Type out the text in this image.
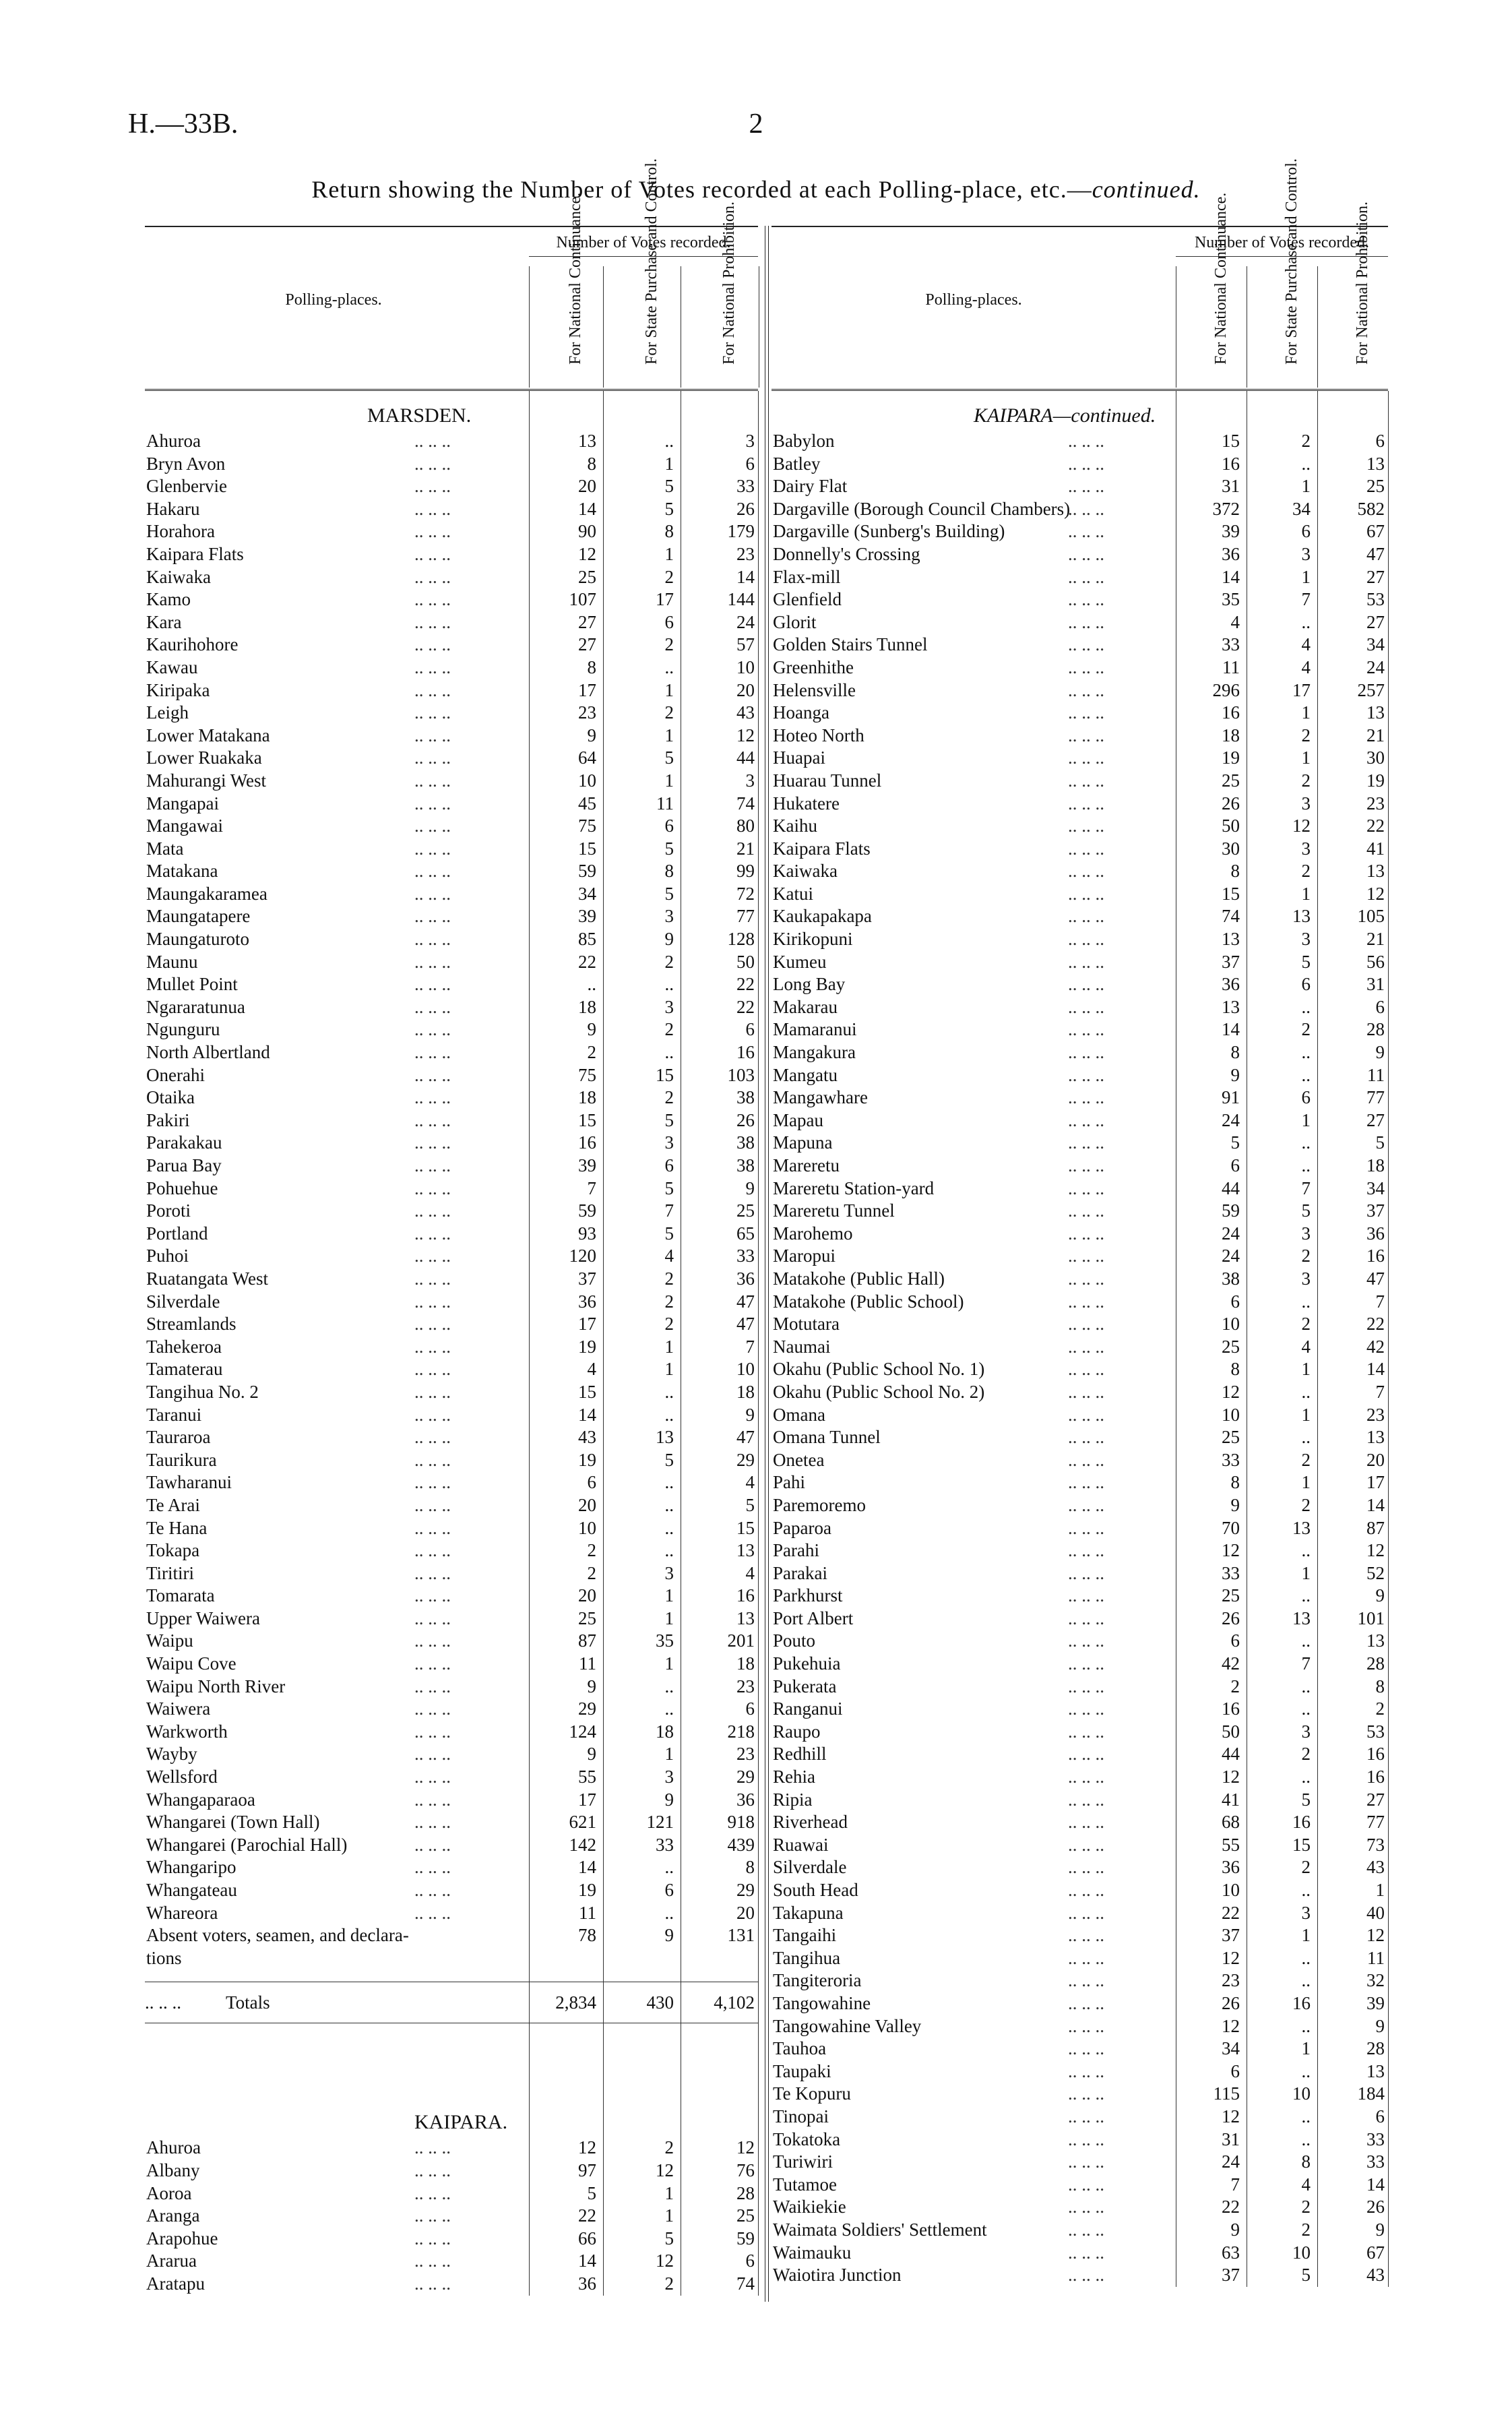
H.—33B.	2
Return showing the Number of Votes recorded at each Polling-place, etc.—continued.
Polling-places.
Number of Votes recorded.
For National Continuance.	For State Purchase and Control.	For National Prohibition.
MARSDEN.
Ahuroa	.. .. ..	13	..	3
Bryn Avon	.. .. ..	8	1	6
Glenbervie	.. .. ..	20	5	33
Hakaru	.. .. ..	14	5	26
Horahora	.. .. ..	90	8	179
Kaipara Flats	.. .. ..	12	1	23
Kaiwaka	.. .. ..	25	2	14
Kamo	.. .. ..	107	17	144
Kara	.. .. ..	27	6	24
Kaurihohore	.. .. ..	27	2	57
Kawau	.. .. ..	8	..	10
Kiripaka	.. .. ..	17	1	20
Leigh	.. .. ..	23	2	43
Lower Matakana	.. .. ..	9	1	12
Lower Ruakaka	.. .. ..	64	5	44
Mahurangi West	.. .. ..	10	1	3
Mangapai	.. .. ..	45	11	74
Mangawai	.. .. ..	75	6	80
Mata	.. .. ..	15	5	21
Matakana	.. .. ..	59	8	99
Maungakaramea	.. .. ..	34	5	72
Maungatapere	.. .. ..	39	3	77
Maungaturoto	.. .. ..	85	9	128
Maunu	.. .. ..	22	2	50
Mullet Point	.. .. ..	..	..	22
Ngararatunua	.. .. ..	18	3	22
Ngunguru	.. .. ..	9	2	6
North Albertland	.. .. ..	2	..	16
Onerahi	.. .. ..	75	15	103
Otaika	.. .. ..	18	2	38
Pakiri	.. .. ..	15	5	26
Parakakau	.. .. ..	16	3	38
Parua Bay	.. .. ..	39	6	38
Pohuehue	.. .. ..	7	5	9
Poroti	.. .. ..	59	7	25
Portland	.. .. ..	93	5	65
Puhoi	.. .. ..	120	4	33
Ruatangata West	.. .. ..	37	2	36
Silverdale	.. .. ..	36	2	47
Streamlands	.. .. ..	17	2	47
Tahekeroa	.. .. ..	19	1	7
Tamaterau	.. .. ..	4	1	10
Tangihua No. 2	.. .. ..	15	..	18
Taranui	.. .. ..	14	..	9
Tauraroa	.. .. ..	43	13	47
Taurikura	.. .. ..	19	5	29
Tawharanui	.. .. ..	6	..	4
Te Arai	.. .. ..	20	..	5
Te Hana	.. .. ..	10	..	15
Tokapa	.. .. ..	2	..	13
Tiritiri	.. .. ..	2	3	4
Tomarata	.. .. ..	20	1	16
Upper Waiwera	.. .. ..	25	1	13
Waipu	.. .. ..	87	35	201
Waipu Cove	.. .. ..	11	1	18
Waipu North River	.. .. ..	9	..	23
Waiwera	.. .. ..	29	..	6
Warkworth	.. .. ..	124	18	218
Wayby	.. .. ..	9	1	23
Wellsford	.. .. ..	55	3	29
Whangaparaoa	.. .. ..	17	9	36
Whangarei (Town Hall)	.. .. ..	621	121	918
Whangarei (Parochial Hall)	.. .. ..	142	33	439
Whangaripo	.. .. ..	14	..	8
Whangateau	.. .. ..	19	6	29
Whareora	.. .. ..	11	..	20
Absent voters, seamen, and declara-	78	9	131
tions
Totals
.. .. ..	2,834	430	4,102
KAIPARA.
Ahuroa	.. .. ..	12	2	12
Albany	.. .. ..	97	12	76
Aoroa	.. .. ..	5	1	28
Aranga	.. .. ..	22	1	25
Arapohue	.. .. ..	66	5	59
Ararua	.. .. ..	14	12	6
Aratapu	.. .. ..	36	2	74
Polling-places.
Number of Votes recorded.
For National Continuance.	For State Purchase and Control.	For National Prohibition.
KAIPARA—continued.
Babylon	.. .. ..	15	2	6
Batley	.. .. ..	16	..	13
Dairy Flat	.. .. ..	31	1	25
Dargaville (Borough Council Chambers)
.. .. ..	372	34	582
Dargaville (Sunberg's Building)	.. .. ..	39	6	67
Donnelly's Crossing	.. .. ..	36	3	47
Flax-mill	.. .. ..	14	1	27
Glenfield	.. .. ..	35	7	53
Glorit	.. .. ..	4	..	27
Golden Stairs Tunnel	.. .. ..	33	4	34
Greenhithe	.. .. ..	11	4	24
Helensville	.. .. ..	296	17	257
Hoanga	.. .. ..	16	1	13
Hoteo North	.. .. ..	18	2	21
Huapai	.. .. ..	19	1	30
Huarau Tunnel	.. .. ..	25	2	19
Hukatere	.. .. ..	26	3	23
Kaihu	.. .. ..	50	12	22
Kaipara Flats	.. .. ..	30	3	41
Kaiwaka	.. .. ..	8	2	13
Katui	.. .. ..	15	1	12
Kaukapakapa	.. .. ..	74	13	105
Kirikopuni	.. .. ..	13	3	21
Kumeu	.. .. ..	37	5	56
Long Bay	.. .. ..	36	6	31
Makarau	.. .. ..	13	..	6
Mamaranui	.. .. ..	14	2	28
Mangakura	.. .. ..	8	..	9
Mangatu	.. .. ..	9	..	11
Mangawhare	.. .. ..	91	6	77
Mapau	.. .. ..	24	1	27
Mapuna	.. .. ..	5	..	5
Mareretu	.. .. ..	6	..	18
Mareretu Station-yard	.. .. ..	44	7	34
Mareretu Tunnel	.. .. ..	59	5	37
Marohemo	.. .. ..	24	3	36
Maropui	.. .. ..	24	2	16
Matakohe (Public Hall)	.. .. ..	38	3	47
Matakohe (Public School)	.. .. ..	6	..	7
Motutara	.. .. ..	10	2	22
Naumai	.. .. ..	25	4	42
Okahu (Public School No. 1)	.. .. ..	8	1	14
Okahu (Public School No. 2)	.. .. ..	12	..	7
Omana	.. .. ..	10	1	23
Omana Tunnel	.. .. ..	25	..	13
Onetea	.. .. ..	33	2	20
Pahi	.. .. ..	8	1	17
Paremoremo	.. .. ..	9	2	14
Paparoa	.. .. ..	70	13	87
Parahi	.. .. ..	12	..	12
Parakai	.. .. ..	33	1	52
Parkhurst	.. .. ..	25	..	9
Port Albert	.. .. ..	26	13	101
Pouto	.. .. ..	6	..	13
Pukehuia	.. .. ..	42	7	28
Pukerata	.. .. ..	2	..	8
Ranganui	.. .. ..	16	..	2
Raupo	.. .. ..	50	3	53
Redhill	.. .. ..	44	2	16
Rehia	.. .. ..	12	..	16
Ripia	.. .. ..	41	5	27
Riverhead	.. .. ..	68	16	77
Ruawai	.. .. ..	55	15	73
Silverdale	.. .. ..	36	2	43
South Head	.. .. ..	10	..	1
Takapuna	.. .. ..	22	3	40
Tangaihi	.. .. ..	37	1	12
Tangihua	.. .. ..	12	..	11
Tangiteroria	.. .. ..	23	..	32
Tangowahine	.. .. ..	26	16	39
Tangowahine Valley	.. .. ..	12	..	9
Tauhoa	.. .. ..	34	1	28
Taupaki	.. .. ..	6	..	13
Te Kopuru	.. .. ..	115	10	184
Tinopai	.. .. ..	12	..	6
Tokatoka	.. .. ..	31	..	33
Turiwiri	.. .. ..	24	8	33
Tutamoe	.. .. ..	7	4	14
Waikiekie	.. .. ..	22	2	26
Waimata Soldiers' Settlement	.. .. ..	9	2	9
Waimauku	.. .. ..	63	10	67
Waiotira Junction	.. .. ..	37	5	43
